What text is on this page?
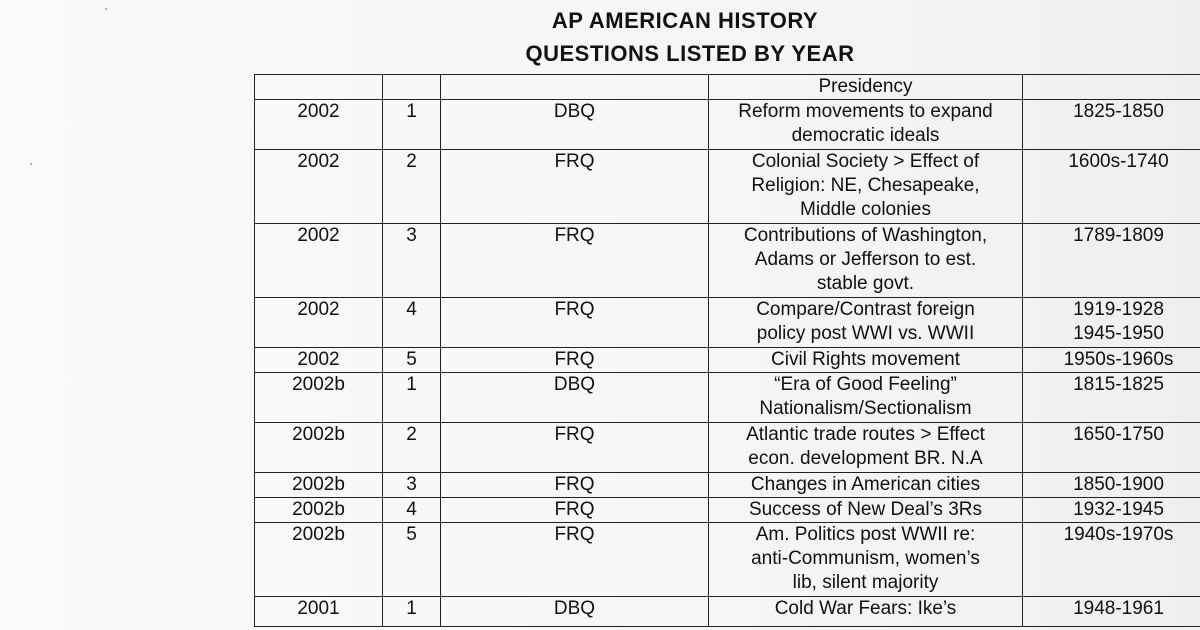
AP AMERICAN HISTORY
QUESTIONS LISTED BY YEAR
			Presidency	
2002	1	DBQ	Reform movements to expand
democratic ideals	1825-1850

2002	2	FRQ	Colonial Society > Effect of
Religion: NE, Chesapeake,
Middle colonies	1600s-1740

2002	3	FRQ	Contributions of Washington,
Adams or Jefferson to est.
stable govt.	1789-1809

2002	4	FRQ	Compare/Contrast foreign
policy post WWI vs. WWII	1919-1928
1945-1950

2002	5	FRQ	Civil Rights movement	1950s-1960s

2002b	1	DBQ	“Era of Good Feeling”
Nationalism/Sectionalism	1815-1825

2002b	2	FRQ	Atlantic trade routes > Effect
econ. development BR. N.A	1650-1750

2002b	3	FRQ	Changes in American cities	1850-1900

2002b	4	FRQ	Success of New Deal’s 3Rs	1932-1945

2002b	5	FRQ	Am. Politics post WWII re:
anti-Communism, women’s
lib, silent majority	1940s-1970s

2001	1	DBQ	Cold War Fears: Ike’s	1948-1961
